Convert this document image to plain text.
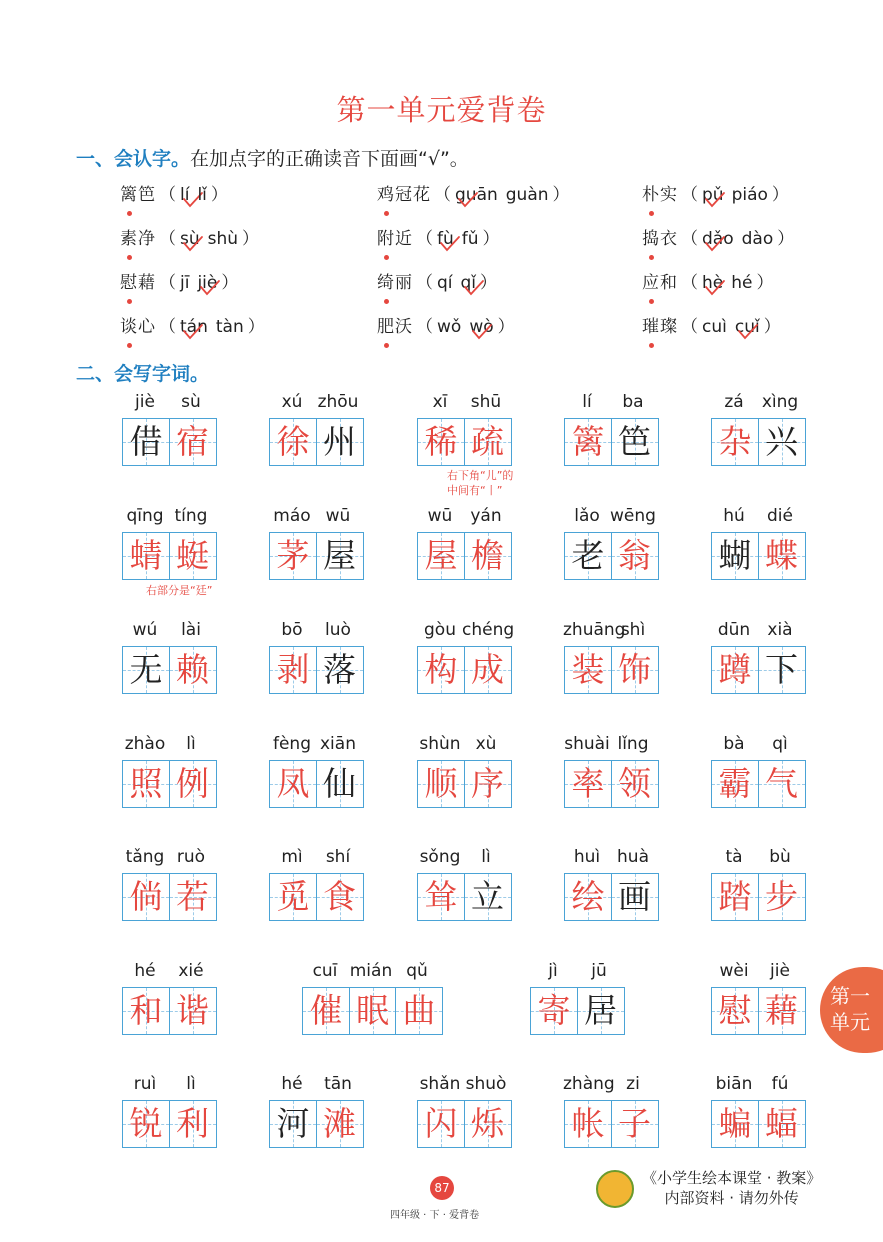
第一单元爱背卷
一、会认字。在加点字的正确读音下面画“√”。
篱笆 （ lí lǐ ）	鸡冠花 （ guān guàn ）	朴实 （ pǔ piáo ）
素净 （ sù shù ）	附近 （ fù fǔ ）	捣衣 （ dǎo dào ）
慰藉 （ jī jiè ）	绮丽 （ qí qǐ ）	应和 （ hè hé ）
谈心 （ tán tàn ）	肥沃 （ wǒ wò ）	璀璨 （ cuì cuǐ ）
二、会写字词。
jiè	sù
借 宿
xú zhōu
徐 州
xī	shū
稀 疏
lí	ba
篱 笆
zá	xìng
杂 兴
qīng tíng
蜻 蜓
máo wū
茅 屋
wū	yán
屋 檐
lǎo wēng
老 翁
hú	dié
蝴 蝶
wú	lài
无 赖
bō	luò
剥 落
gòu chéng
构 成
zhuāng
shì
装 饰
dūn	xià
蹲 下
zhào	lì
照 例
fèng xiān
凤 仙
shùn xù
顺 序
shuài lǐng
率 领
bà	qì
霸 气
tǎng ruò
倘 若
mì	shí
觅 食
sǒng	lì
耸 立
huì huà
绘 画
tà	bù
踏 步
hé	xié
和 谐
cuī mián qǔ
催 眠 曲
jì	jū
寄 居
wèi	jiè
慰 藉
ruì	lì
锐 利
hé	tān
河 滩
shǎn shuò
闪 烁
zhàng zi
帐 子
biān	fú
蝙 蝠
右下角“儿”的
中间有“丨”
右部分是“廷”
第一
单元
87
四年级 · 下 · 爱背卷
《小学生绘本课堂 · 教案》
内部资料 · 请勿外传
